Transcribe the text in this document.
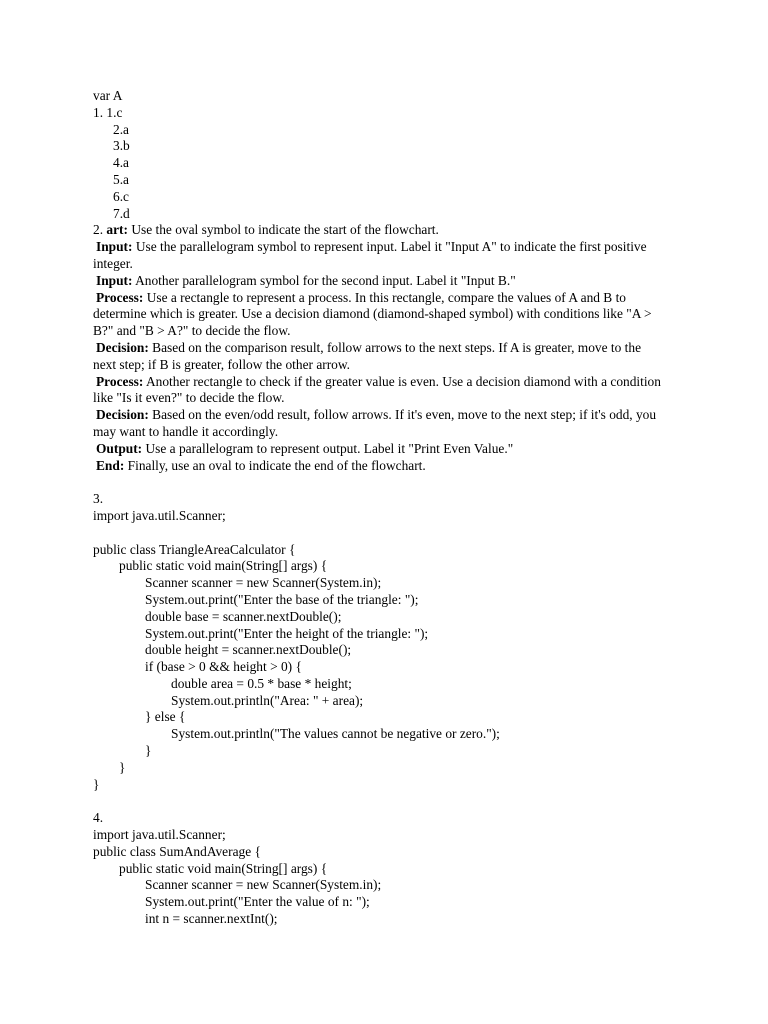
var A
1. 1.c
2.a
3.b
4.a
5.a
6.c
7.d
2. art: Use the oval symbol to indicate the start of the flowchart.
Input: Use the parallelogram symbol to represent input. Label it "Input A" to indicate the first positive integer.
Input: Another parallelogram symbol for the second input. Label it "Input B."
Process: Use a rectangle to represent a process. In this rectangle, compare the values of A and B to determine which is greater. Use a decision diamond (diamond-shaped symbol) with conditions like "A > B?" and "B > A?" to decide the flow.
Decision: Based on the comparison result, follow arrows to the next steps. If A is greater, move to the next step; if B is greater, follow the other arrow.
Process: Another rectangle to check if the greater value is even. Use a decision diamond with a condition like "Is it even?" to decide the flow.
Decision: Based on the even/odd result, follow arrows. If it's even, move to the next step; if it's odd, you may want to handle it accordingly.
Output: Use a parallelogram to represent output. Label it "Print Even Value."
End: Finally, use an oval to indicate the end of the flowchart.
3.
import java.util.Scanner;
public class TriangleAreaCalculator {
public static void main(String[] args) {
Scanner scanner = new Scanner(System.in);
System.out.print("Enter the base of the triangle: ");
double base = scanner.nextDouble();
System.out.print("Enter the height of the triangle: ");
double height = scanner.nextDouble();
if (base > 0 && height > 0) {
double area = 0.5 * base * height;
System.out.println("Area: " + area);
} else {
System.out.println("The values cannot be negative or zero.");
}
}
}
4.
import java.util.Scanner;
public class SumAndAverage {
public static void main(String[] args) {
Scanner scanner = new Scanner(System.in);
System.out.print("Enter the value of n: ");
int n = scanner.nextInt();
